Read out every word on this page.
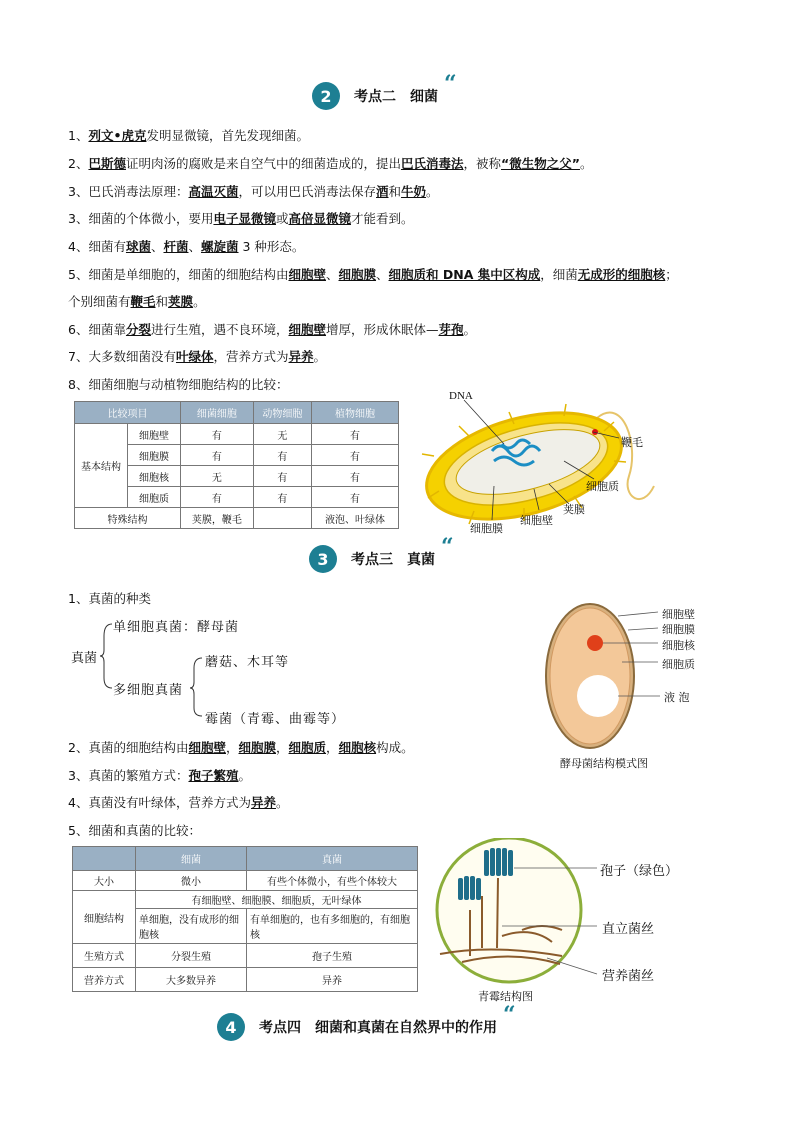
2	考点二　细菌 “
1、列文•虎克发明显微镜，首先发现细菌。
2、巴斯德证明肉汤的腐败是来自空气中的细菌造成的，提出巴氏消毒法，被称“微生物之父”。
3、巴氏消毒法原理：高温灭菌，可以用巴氏消毒法保存酒和牛奶。
3、细菌的个体微小，要用电子显微镜或高倍显微镜才能看到。
4、细菌有球菌、杆菌、螺旋菌 3 种形态。
5、细菌是单细胞的，细菌的细胞结构由细胞壁、细胞膜、细胞质和 DNA 集中区构成，细菌无成形的细胞核；
个别细菌有鞭毛和荚膜。
6、细菌靠分裂进行生殖，遇不良环境，细胞壁增厚，形成休眠体—芽孢。
7、大多数细菌没有叶绿体，营养方式为异养。
8、细菌细胞与动植物细胞结构的比较：
比较项目		细菌细胞	动物细胞	植物细胞
基本结构	细胞壁	有	无	有
	细胞膜	有	有	有
	细胞核	无	有	有
	细胞质	有	有	有
特殊结构		荚膜，鞭毛		液泡、叶绿体
DNA
鞭毛
细胞质
荚膜
细胞壁
细胞膜
3	考点三　真菌 “
1、真菌的种类
真菌
单细胞真菌：酵母菌
多细胞真菌
蘑菇、木耳等
霉菌（青霉、曲霉等）
细胞壁
细胞膜
细胞核
细胞质
液 泡
酵母菌结构模式图
2、真菌的细胞结构由细胞壁，细胞膜，细胞质，细胞核构成。
3、真菌的繁殖方式：孢子繁殖。
4、真菌没有叶绿体，营养方式为异养。
5、细菌和真菌的比较：
	细菌	真菌
大小	微小	有些个体微小，有些个体较大
细胞结构	有细胞壁、细胞膜、细胞质，无叶绿体	
	单细胞，没有成形的细胞核	有单细胞的，也有多细胞的，有细胞核
生殖方式	分裂生殖	孢子生殖
营养方式	大多数异养	异养
孢子（绿色）
直立菌丝
营养菌丝
青霉结构图
4	考点四　细菌和真菌在自然界中的作用 “
